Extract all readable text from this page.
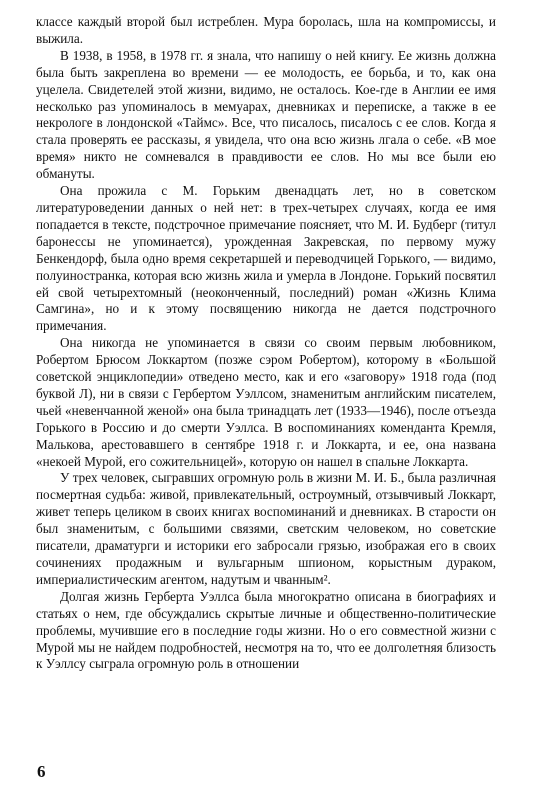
классе каждый второй был истреблен. Мура боролась, шла на компромиссы, и выжила.

В 1938, в 1958, в 1978 гг. я знала, что напишу о ней книгу. Ее жизнь должна была быть закреплена во времени — ее молодость, ее борьба, и то, как она уцелела. Свидетелей этой жизни, видимо, не осталось. Кое-где в Англии ее имя несколько раз упоминалось в мемуарах, дневниках и переписке, а также в ее некрологе в лондонской «Таймс». Все, что писалось, писалось с ее слов. Когда я стала проверять ее рассказы, я увидела, что она всю жизнь лгала о себе. «В мое время» никто не сомневался в правдивости ее слов. Но мы все были ею обмануты.

Она прожила с М. Горьким двенадцать лет, но в советском литературоведении данных о ней нет: в трех-четырех случаях, когда ее имя попадается в тексте, подстрочное примечание поясняет, что М. И. Будберг (титул баронессы не упоминается), урожденная Закревская, по первому мужу Бенкендорф, была одно время секретаршей и переводчицей Горького, — видимо, полуиностранка, которая всю жизнь жила и умерла в Лондоне. Горький посвятил ей свой четырехтомный (неоконченный, последний) роман «Жизнь Клима Самгина», но и к этому посвящению никогда не дается подстрочного примечания.

Она никогда не упоминается в связи со своим первым любовником, Робертом Брюсом Локкартом (позже сэром Робертом), которому в «Большой советской энциклопедии» отведено место, как и его «заговору» 1918 года (под буквой Л), ни в связи с Гербертом Уэллсом, знаменитым английским писателем, чьей «невенчанной женой» она была тринадцать лет (1933—1946), после отъезда Горького в Россию и до смерти Уэллса. В воспоминаниях коменданта Кремля, Малькова, арестовавшего в сентябре 1918 г. и Локкарта, и ее, она названа «некоей Мурой, его сожительницей», которую он нашел в спальне Локкарта.

У трех человек, сыгравших огромную роль в жизни М. И. Б., была различная посмертная судьба: живой, привлекательный, остроумный, отзывчивый Локкарт, живет теперь целиком в своих книгах воспоминаний и дневниках. В старости он был знаменитым, с большими связями, светским человеком, но советские писатели, драматурги и историки его забросали грязью, изображая его в своих сочинениях продажным и вульгарным шпионом, корыстным дураком, империалистическим агентом, надутым и чванным².

Долгая жизнь Герберта Уэллса была многократно описана в биографиях и статьях о нем, где обсуждались скрытые личные и общественно-политические проблемы, мучившие его в последние годы жизни. Но о его совместной жизни с Мурой мы не найдем подробностей, несмотря на то, что ее долголетняя близость к Уэллсу сыграла огромную роль в отношении

6
